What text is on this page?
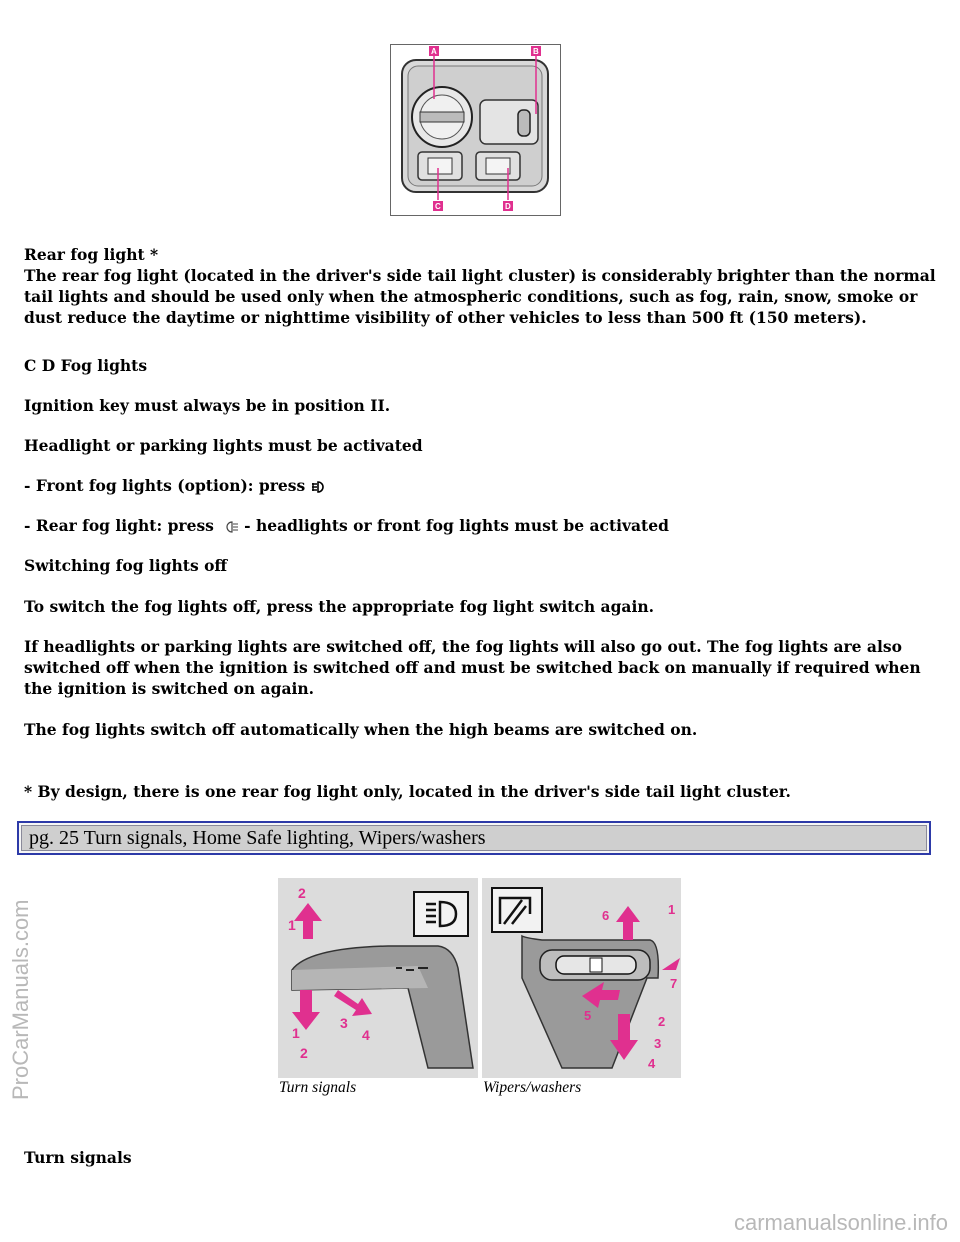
A	B
C	D

Rear fog light *

The rear fog light (located in the driver's side tail light cluster) is considerably brighter than the normal tail lights and should be used only when the atmospheric conditions, such as fog, rain, snow, smoke or dust reduce the daytime or nighttime visibility of other vehicles to less than 500 ft (150 meters).

C D Fog lights

Ignition key must always be in position II.

Headlight or parking lights must be activated

- Front fog lights (option): press

- Rear fog light: press - headlights or front fog lights must be activated

Switching fog lights off

To switch the fog lights off, press the appropriate fog light switch again.

If headlights or parking lights are switched off, the fog lights will also go out. The fog lights are also switched off when the ignition is switched off and must be switched back on manually if required when the ignition is switched on again.

The fog lights switch off automatically when the high beams are switched on.

* By design, there is one rear fog light only, located in the driver's side tail light cluster.

pg. 25 Turn signals, Home Safe lighting, Wipers/washers
2
1
1
2
3
4
6	1
7
5	2
3
4
Turn signals	Wipers/washers

Turn signals

ProCarManuals.com
carmanualsonline.info
